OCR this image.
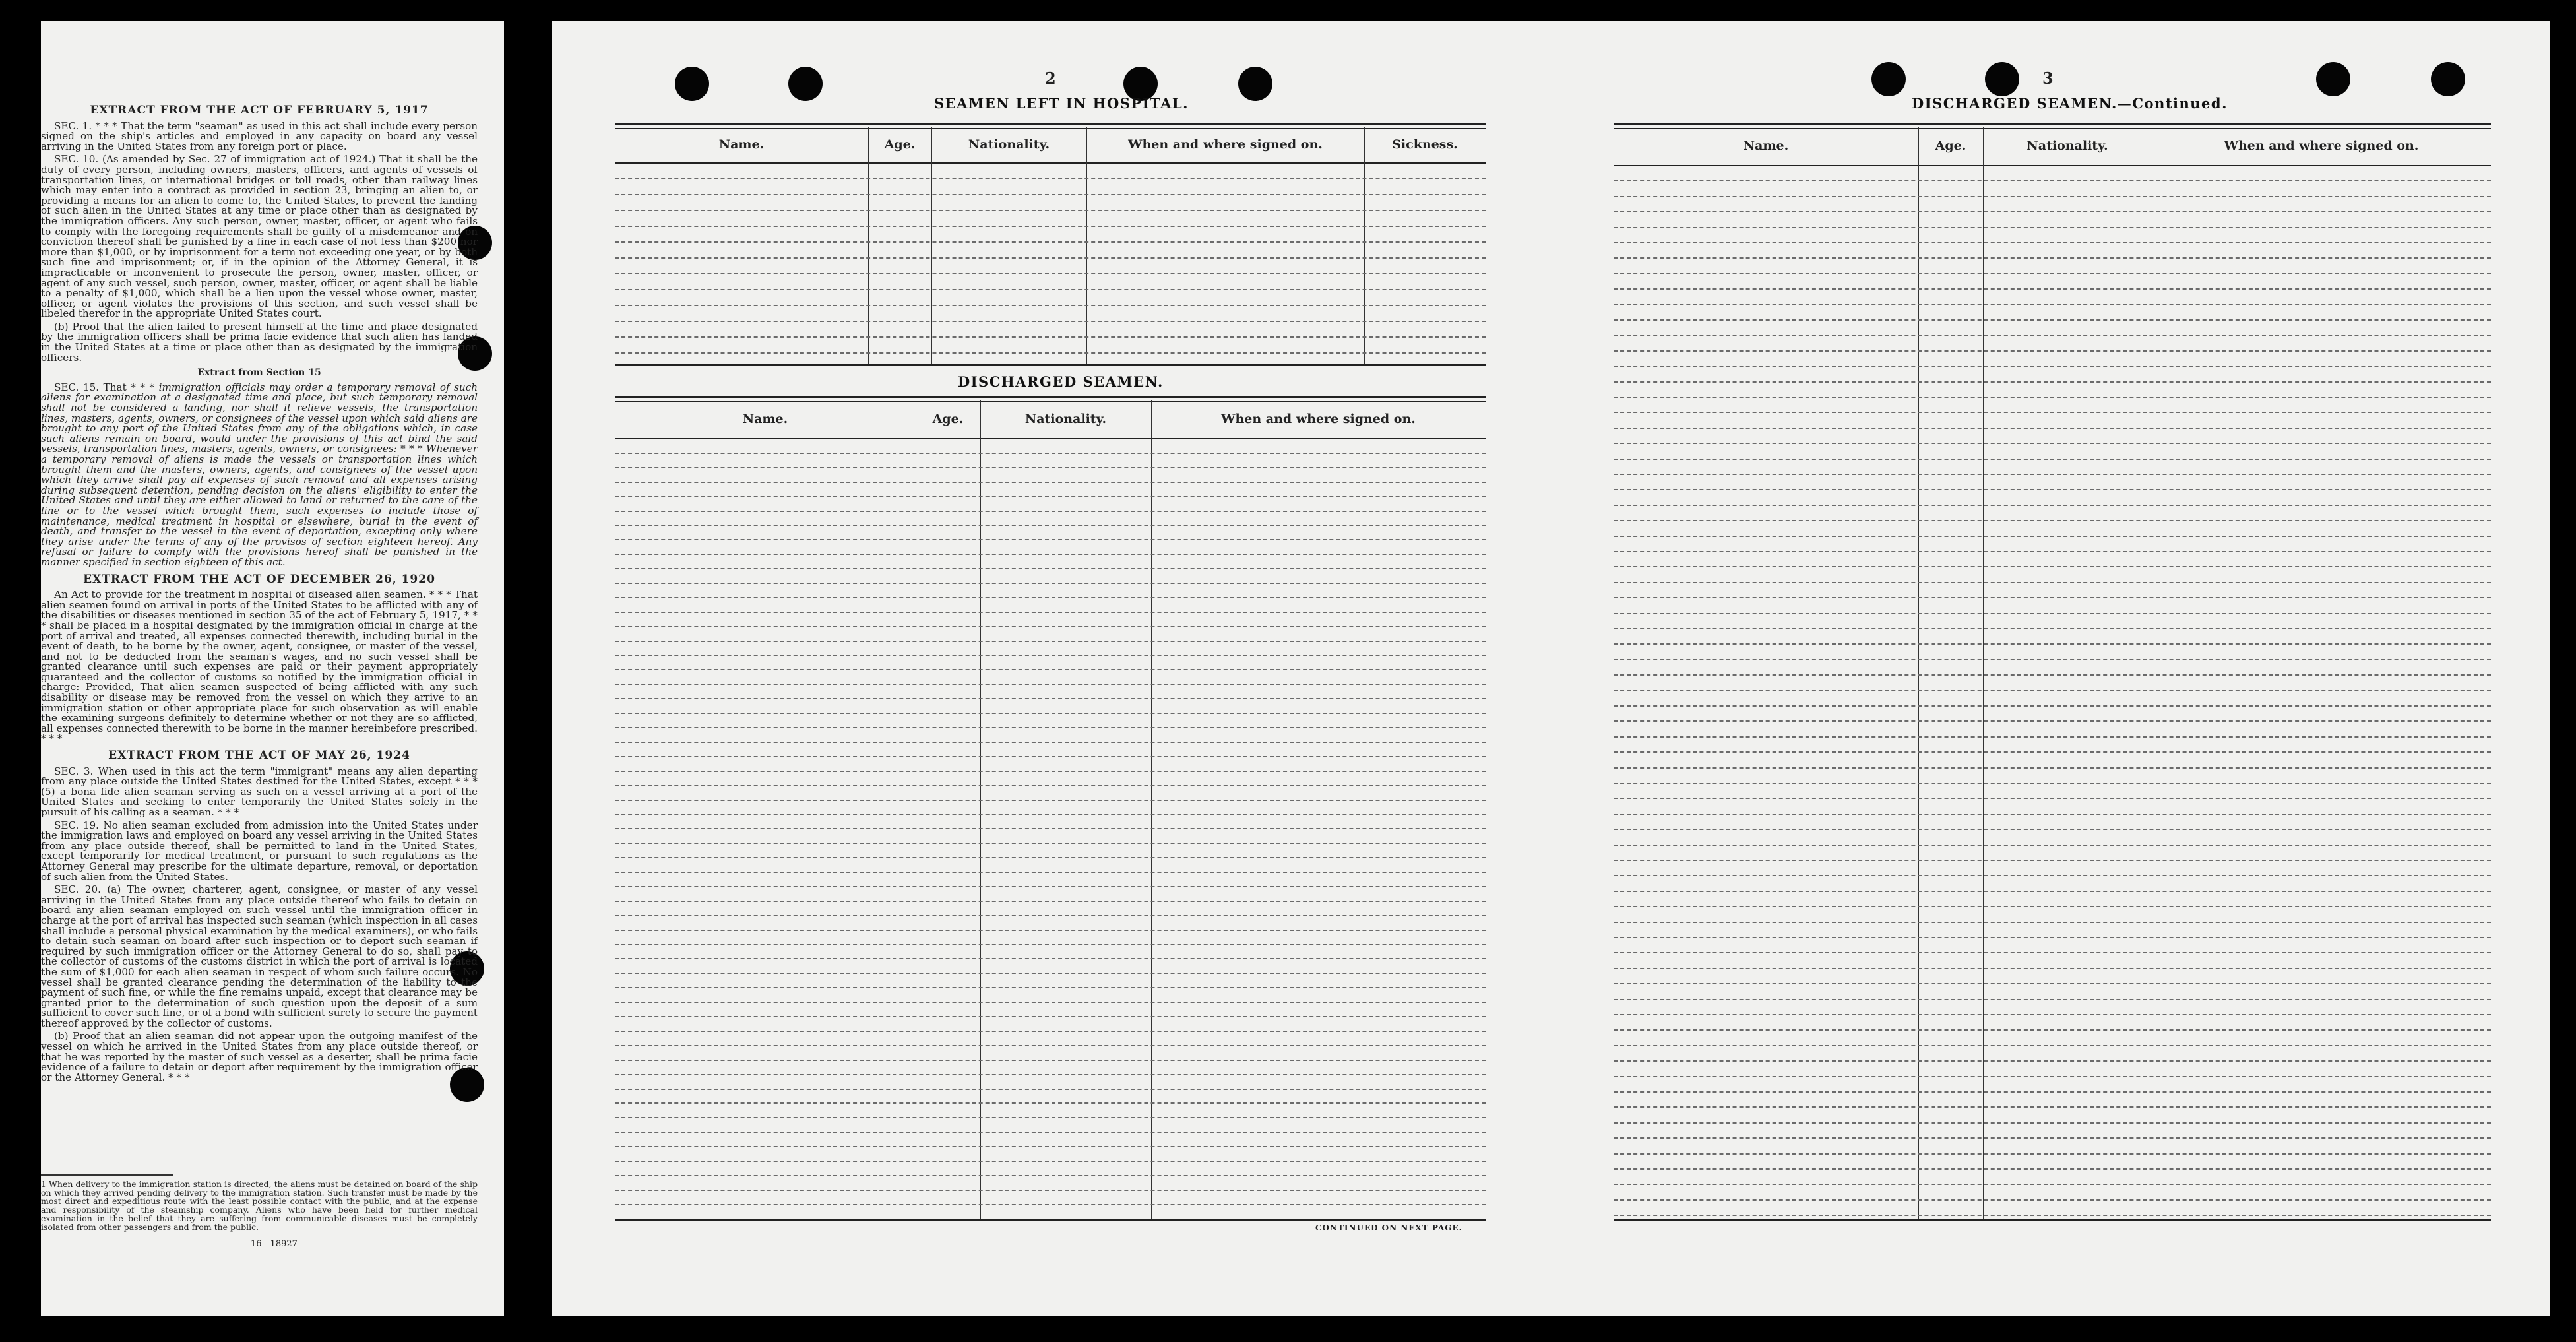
EXTRACT FROM THE ACT OF FEBRUARY 5, 1917

SEC. 1. * * * That the term "seaman" as used in this act shall include every person signed on the ship's articles and employed in any capacity on board any vessel arriving in the United States from any foreign port or place.

SEC. 10. (As amended by Sec. 27 of immigration act of 1924.) That it shall be the duty of every person, including owners, masters, officers, and agents of vessels of transportation lines, or international bridges or toll roads, other than railway lines which may enter into a contract as provided in section 23, bringing an alien to, or providing a means for an alien to come to, the United States, to prevent the landing of such alien in the United States at any time or place other than as designated by the immigration officers. Any such person, owner, master, officer, or agent who fails to comply with the foregoing requirements shall be guilty of a misdemeanor and on conviction thereof shall be punished by a fine in each case of not less than $200 nor more than $1,000, or by imprisonment for a term not exceeding one year, or by both such fine and imprisonment; or, if in the opinion of the Attorney General, it is impracticable or inconvenient to prosecute the person, owner, master, officer, or agent of any such vessel, such person, owner, master, officer, or agent shall be liable to a penalty of $1,000, which shall be a lien upon the vessel whose owner, master, officer, or agent violates the provisions of this section, and such vessel shall be libeled therefor in the appropriate United States court.

(b) Proof that the alien failed to present himself at the time and place designated by the immigration officers shall be prima facie evidence that such alien has landed in the United States at a time or place other than as designated by the immigration officers.

Extract from Section 15

SEC. 15. That * * * immigration officials may order a temporary removal of such aliens for examination at a designated time and place, but such temporary removal shall not be considered a landing, nor shall it relieve vessels, the transportation lines, masters, agents, owners, or consignees of the vessel upon which said aliens are brought to any port of the United States from any of the obligations which, in case such aliens remain on board, would under the provisions of this act bind the said vessels, transportation lines, masters, agents, owners, or consignees: * * * Whenever a temporary removal of aliens is made the vessels or transportation lines which brought them and the masters, owners, agents, and consignees of the vessel upon which they arrive shall pay all expenses of such removal and all expenses arising during subsequent detention, pending decision on the aliens' eligibility to enter the United States and until they are either allowed to land or returned to the care of the line or to the vessel which brought them, such expenses to include those of maintenance, medical treatment in hospital or elsewhere, burial in the event of death, and transfer to the vessel in the event of deportation, excepting only where they arise under the terms of any of the provisos of section eighteen hereof. Any refusal or failure to comply with the provisions hereof shall be punished in the manner specified in section eighteen of this act.

EXTRACT FROM THE ACT OF DECEMBER 26, 1920

An Act to provide for the treatment in hospital of diseased alien seamen. * * * That alien seamen found on arrival in ports of the United States to be afflicted with any of the disabilities or diseases mentioned in section 35 of the act of February 5, 1917, * * * shall be placed in a hospital designated by the immigration official in charge at the port of arrival and treated, all expenses connected therewith, including burial in the event of death, to be borne by the owner, agent, consignee, or master of the vessel, and not to be deducted from the seaman's wages, and no such vessel shall be granted clearance until such expenses are paid or their payment appropriately guaranteed and the collector of customs so notified by the immigration official in charge: Provided, That alien seamen suspected of being afflicted with any such disability or disease may be removed from the vessel on which they arrive to an immigration station or other appropriate place for such observation as will enable the examining surgeons definitely to determine whether or not they are so afflicted, all expenses connected therewith to be borne in the manner hereinbefore prescribed. * * *

EXTRACT FROM THE ACT OF MAY 26, 1924

SEC. 3. When used in this act the term "immigrant" means any alien departing from any place outside the United States destined for the United States, except * * * (5) a bona fide alien seaman serving as such on a vessel arriving at a port of the United States and seeking to enter temporarily the United States solely in the pursuit of his calling as a seaman. * * *

SEC. 19. No alien seaman excluded from admission into the United States under the immigration laws and employed on board any vessel arriving in the United States from any place outside thereof, shall be permitted to land in the United States, except temporarily for medical treatment, or pursuant to such regulations as the Attorney General may prescribe for the ultimate departure, removal, or deportation of such alien from the United States.

SEC. 20. (a) The owner, charterer, agent, consignee, or master of any vessel arriving in the United States from any place outside thereof who fails to detain on board any alien seaman employed on such vessel until the immigration officer in charge at the port of arrival has inspected such seaman (which inspection in all cases shall include a personal physical examination by the medical examiners), or who fails to detain such seaman on board after such inspection or to deport such seaman if required by such immigration officer or the Attorney General to do so, shall pay to the collector of customs of the customs district in which the port of arrival is located the sum of $1,000 for each alien seaman in respect of whom such failure occurs. No vessel shall be granted clearance pending the determination of the liability to the payment of such fine, or while the fine remains unpaid, except that clearance may be granted prior to the determination of such question upon the deposit of a sum sufficient to cover such fine, or of a bond with sufficient surety to secure the payment thereof approved by the collector of customs.

(b) Proof that an alien seaman did not appear upon the outgoing manifest of the vessel on which he arrived in the United States from any place outside thereof, or that he was reported by the master of such vessel as a deserter, shall be prima facie evidence of a failure to detain or deport after requirement by the immigration officer or the Attorney General. * * *

1 When delivery to the immigration station is directed, the aliens must be detained on board of the ship on which they arrived pending delivery to the immigration station. Such transfer must be made by the most direct and expeditious route with the least possible contact with the public, and at the expense and responsibility of the steamship company. Aliens who have been held for further medical examination in the belief that they are suffering from communicable diseases must be completely isolated from other passengers and from the public.
16—18927
2
SEAMEN LEFT IN HOSPITAL.
Name.	Age.	Nationality.	When and where signed on.	Sickness.
DISCHARGED SEAMEN.
Name.	Age.	Nationality.	When and where signed on.
CONTINUED ON NEXT PAGE.
3
DISCHARGED SEAMEN.—Continued.
Name.	Age.	Nationality.	When and where signed on.
